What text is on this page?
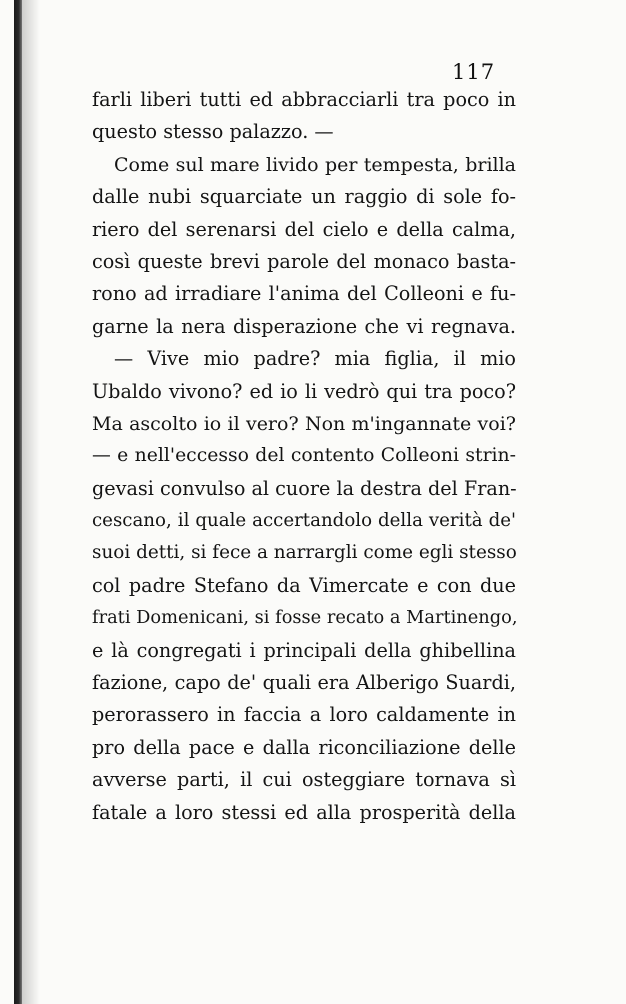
117
farli liberi tutti ed abbracciarli tra poco in
questo stesso palazzo. —
Come sul mare livido per tempesta, brilla
dalle nubi squarciate un raggio di sole fo-
riero del serenarsi del cielo e della calma,
così queste brevi parole del monaco basta-
rono ad irradiare l'anima del Colleoni e fu-
garne la nera disperazione che vi regnava.
— Vive mio padre? mia figlia, il mio
Ubaldo vivono? ed io li vedrò qui tra poco?
Ma ascolto io il vero? Non m'ingannate voi?
— e nell'eccesso del contento Colleoni strin-
gevasi convulso al cuore la destra del Fran-
cescano, il quale accertandolo della verità de'
suoi detti, si fece a narrargli come egli stesso
col padre Stefano da Vimercate e con due
frati Domenicani, si fosse recato a Martinengo,
e là congregati i principali della ghibellina
fazione, capo de' quali era Alberigo Suardi,
perorassero in faccia a loro caldamente in
pro della pace e dalla riconciliazione delle
avverse parti, il cui osteggiare tornava sì
fatale a loro stessi ed alla prosperità della
